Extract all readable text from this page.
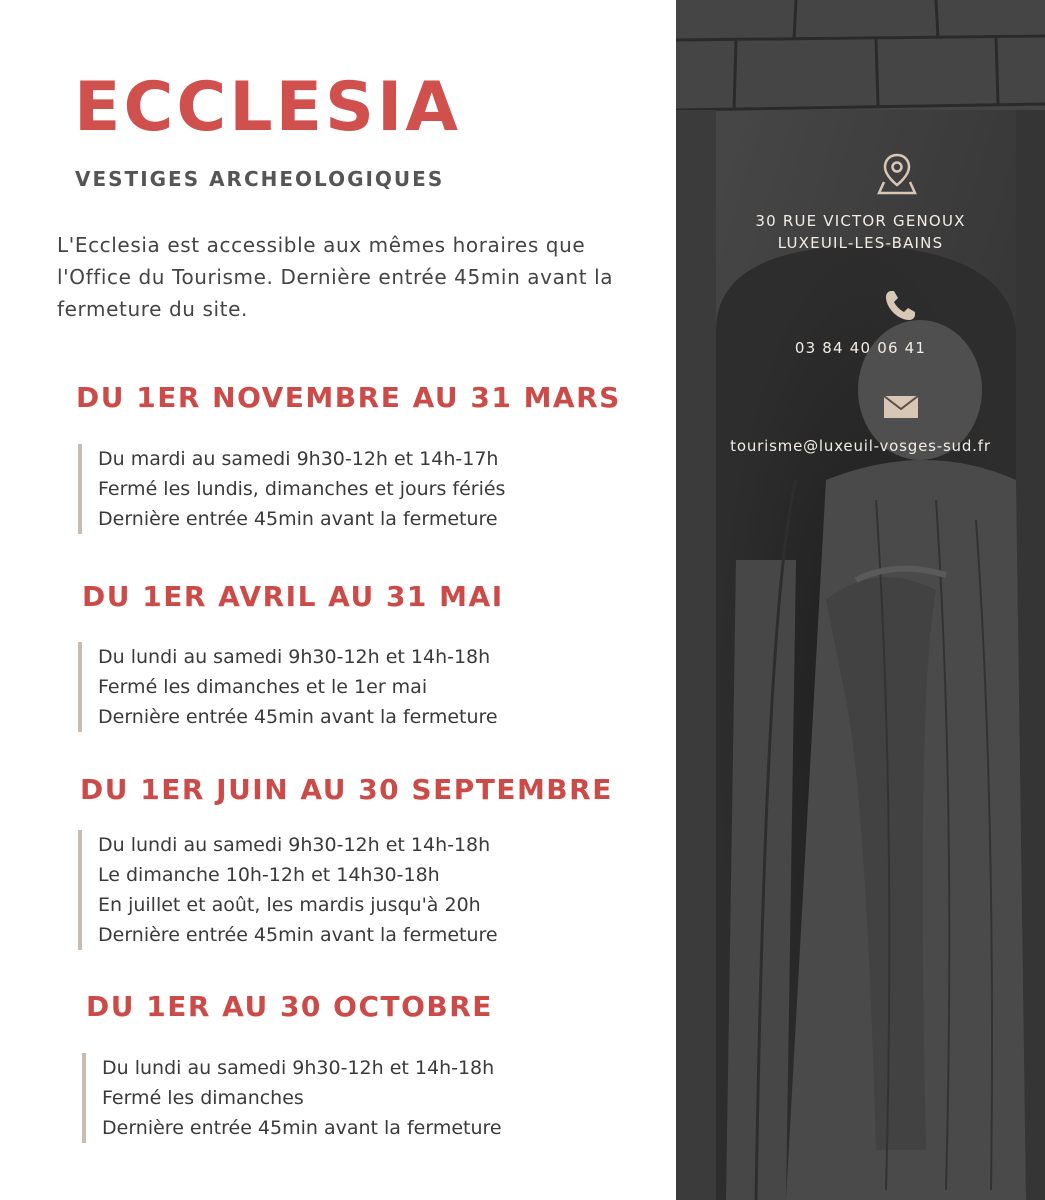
ECCLESIA
VESTIGES ARCHEOLOGIQUES

L'Ecclesia est accessible aux mêmes horaires que l'Office du Tourisme. Dernière entrée 45min avant la fermeture du site.

DU 1ER NOVEMBRE AU 31 MARS
Du mardi au samedi 9h30-12h et 14h-17h
Fermé les lundis, dimanches et jours fériés
Dernière entrée 45min avant la fermeture
DU 1ER AVRIL AU 31 MAI
Du lundi au samedi 9h30-12h et 14h-18h
Fermé les dimanches et le 1er mai
Dernière entrée 45min avant la fermeture
DU 1ER JUIN AU 30 SEPTEMBRE
Du lundi au samedi 9h30-12h et 14h-18h
Le dimanche 10h-12h et 14h30-18h
En juillet et août, les mardis jusqu'à 20h
Dernière entrée 45min avant la fermeture
DU 1ER AU 30 OCTOBRE
Du lundi au samedi 9h30-12h et 14h-18h
Fermé les dimanches
Dernière entrée 45min avant la fermeture
30 RUE VICTOR GENOUX
LUXEUIL-LES-BAINS
03 84 40 06 41
tourisme@luxeuil-vosges-sud.fr
